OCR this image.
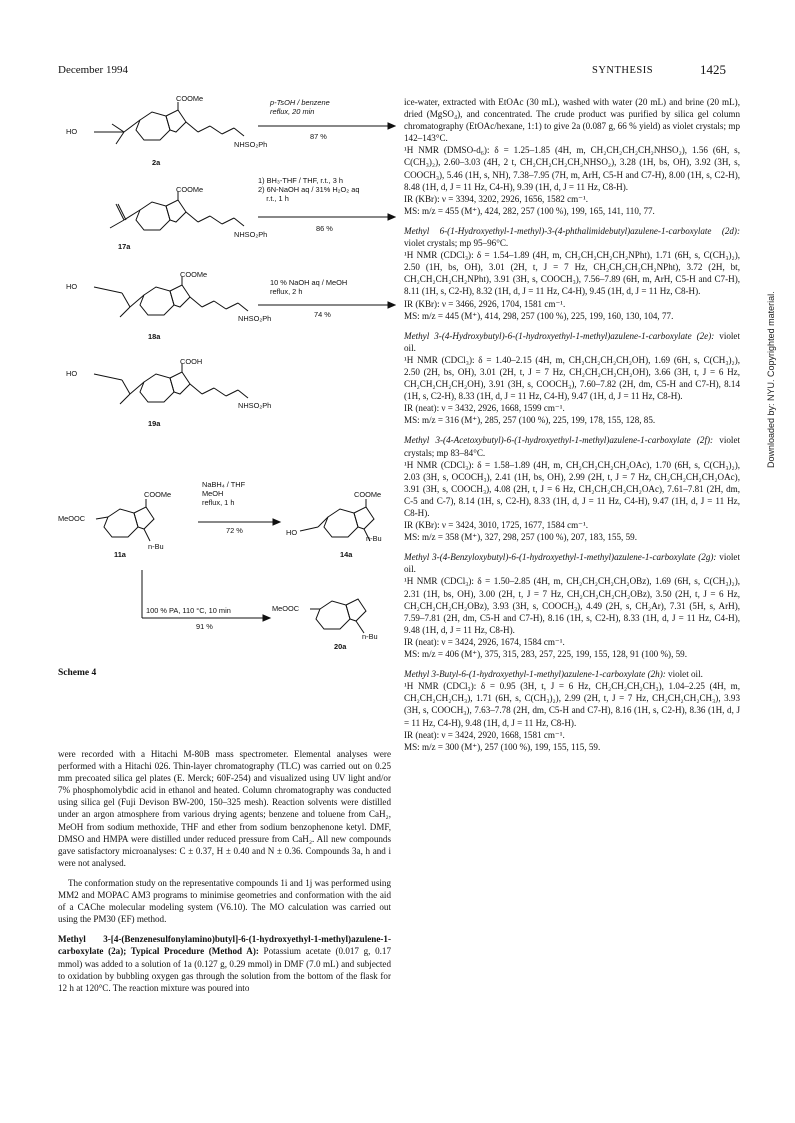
December 1994	SYNTHESIS	1425
Downloaded by: NYU. Copyrighted material.
COOMe
HO
NHSO₂Ph
2a
p-TsOH / benzene
reflux, 20 min
87 %
COOMe
NHSO₂Ph
17a
1) BH₃-THF / THF, r.t., 3 h
2) 6N-NaOH aq / 31% H₂O₂ aq
r.t., 1 h
86 %
COOMe
HO
NHSO₂Ph
18a
10 % NaOH aq / MeOH
reflux, 2 h
74 %
COOH
HO
NHSO₂Ph
19a
COOMe
MeOOC
n-Bu
11a
NaBH₄ / THF
MeOH
reflux, 1 h
72 %
COOMe
HO
n-Bu
14a
100 % PA, 110 °C, 10 min
91 %
MeOOC
n-Bu
20a
Scheme 4

were recorded with a Hitachi M-80B mass spectrometer. Elemental analyses were performed with a Hitachi 026. Thin-layer chromatography (TLC) was carried out on 0.25 mm precoated silica gel plates (E. Merck; 60F-254) and visualized using UV light and/or 7% phosphomolybdic acid in ethanol and heated. Column chromatography was conducted using silica gel (Fuji Devison BW-200, 150–325 mesh). Reaction solvents were distilled under an argon atmosphere from various drying agents; benzene and toluene from CaH₂, MeOH from sodium methoxide, THF and ether from sodium benzophenone ketyl. DMF, DMSO and HMPA were distilled under reduced pressure from CaH₂. All new compounds gave satisfactory microanalyses: C ± 0.37, H ± 0.40 and N ± 0.36. Compounds 3a, h and i were not analysed.

The conformation study on the representative compounds 1i and 1j was performed using MM2 and MOPAC AM3 programs to minimise geometries and conformation with the aid of a CAChe molecular modeling system (V6.10). The MO calculation was carried out using the PM30 (EF) method.

Methyl 3-[4-(Benzenesulfonylamino)butyl]-6-(1-hydroxyethyl-1-methyl)azulene-1-carboxylate (2a); Typical Procedure (Method A): Potassium acetate (0.017 g, 0.17 mmol) was added to a solution of 1a (0.127 g, 0.29 mmol) in DMF (7.0 mL) and subjected to oxidation by bubbling oxygen gas through the solution from the bottom of the flask for 12 h at 120°C. The reaction mixture was poured into

ice-water, extracted with EtOAc (30 mL), washed with water (20 mL) and brine (20 mL), dried (MgSO₄), and concentrated. The crude product was purified by silica gel column chromatography (EtOAc/hexane, 1:1) to give 2a (0.087 g, 66 % yield) as violet crystals; mp 142–143°C.

¹H NMR (DMSO-d₆): δ = 1.25–1.85 (4H, m, CH₂CH₂CH₂CH₂NHSO₂), 1.56 (6H, s, C(CH₃)₂), 2.60–3.03 (4H, 2 t, CH₂CH₂CH₂CH₂NHSO₂), 3.28 (1H, bs, OH), 3.92 (3H, s, COOCH₃), 5.46 (1H, s, NH), 7.38–7.95 (7H, m, ArH, C5-H and C7-H), 8.00 (1H, s, C2-H), 8.48 (1H, d, J = 11 Hz, C4-H), 9.39 (1H, d, J = 11 Hz, C8-H).

IR (KBr): ν = 3394, 3202, 2926, 1656, 1582 cm⁻¹.

MS: m/z = 455 (M⁺), 424, 282, 257 (100 %), 199, 165, 141, 110, 77.

Methyl 6-(1-Hydroxyethyl-1-methyl)-3-(4-phthalimidebutyl)azulene-1-carboxylate (2d): violet crystals; mp 95–96°C.

¹H NMR (CDCl₃): δ = 1.54–1.89 (4H, m, CH₂CH₂CH₂CH₂NPht), 1.71 (6H, s, C(CH₃)₂), 2.50 (1H, bs, OH), 3.01 (2H, t, J = 7 Hz, CH₂CH₂CH₂CH₂NPht), 3.72 (2H, bt, CH₂CH₂CH₂CH₂NPht), 3.91 (3H, s, COOCH₃), 7.56–7.89 (6H, m, ArH, C5-H and C7-H), 8.11 (1H, s, C2-H), 8.32 (1H, d, J = 11 Hz, C4-H), 9.45 (1H, d, J = 11 Hz, C8-H).

IR (KBr): ν = 3466, 2926, 1704, 1581 cm⁻¹.

MS: m/z = 445 (M⁺), 414, 298, 257 (100 %), 225, 199, 160, 130, 104, 77.

Methyl 3-(4-Hydroxybutyl)-6-(1-hydroxyethyl-1-methyl)azulene-1-carboxylate (2e): violet oil.

¹H NMR (CDCl₃): δ = 1.40–2.15 (4H, m, CH₂CH₂CH₂CH₂OH), 1.69 (6H, s, C(CH₃)₂), 2.50 (2H, bs, OH), 3.01 (2H, t, J = 7 Hz, CH₂CH₂CH₂CH₂OH), 3.66 (3H, t, J = 6 Hz, CH₂CH₂CH₂CH₂OH), 3.91 (3H, s, COOCH₃), 7.60–7.82 (2H, dm, C5-H and C7-H), 8.14 (1H, s, C2-H), 8.33 (1H, d, J = 11 Hz, C4-H), 9.47 (1H, d, J = 11 Hz, C8-H).

IR (neat): ν = 3432, 2926, 1668, 1599 cm⁻¹.

MS: m/z = 316 (M⁺), 285, 257 (100 %), 225, 199, 178, 155, 128, 85.

Methyl 3-(4-Acetoxybutyl)-6-(1-hydroxyethyl-1-methyl)azulene-1-carboxylate (2f): violet crystals; mp 83–84°C.

¹H NMR (CDCl₃): δ = 1.58–1.89 (4H, m, CH₂CH₂CH₂CH₂OAc), 1.70 (6H, s, C(CH₃)₂), 2.03 (3H, s, OCOCH₃), 2.41 (1H, bs, OH), 2.99 (2H, t, J = 7 Hz, CH₂CH₂CH₂CH₂OAc), 3.91 (3H, s, COOCH₃), 4.08 (2H, t, J = 6 Hz, CH₂CH₂CH₂CH₂OAc), 7.61–7.81 (2H, dm, C-5 and C-7), 8.14 (1H, s, C2-H), 8.33 (1H, d, J = 11 Hz, C4-H), 9.47 (1H, d, J = 11 Hz, C8-H).

IR (KBr): ν = 3424, 3010, 1725, 1677, 1584 cm⁻¹.

MS: m/z = 358 (M⁺), 327, 298, 257 (100 %), 207, 183, 155, 59.

Methyl 3-(4-Benzyloxybutyl)-6-(1-hydroxyethyl-1-methyl)azulene-1-carboxylate (2g): violet oil.

¹H NMR (CDCl₃): δ = 1.50–2.85 (4H, m, CH₂CH₂CH₂CH₂OBz), 1.69 (6H, s, C(CH₃)₂), 2.31 (1H, bs, OH), 3.00 (2H, t, J = 7 Hz, CH₂CH₂CH₂CH₂OBz), 3.50 (2H, t, J = 6 Hz, CH₂CH₂CH₂CH₂OBz), 3.93 (3H, s, COOCH₃), 4.49 (2H, s, CH₂Ar), 7.31 (5H, s, ArH), 7.59–7.81 (2H, dm, C5-H and C7-H), 8.16 (1H, s, C2-H), 8.33 (1H, d, J = 11 Hz, C4-H), 9.48 (1H, d, J = 11 Hz, C8-H).

IR (neat): ν = 3424, 2926, 1674, 1584 cm⁻¹.

MS: m/z = 406 (M⁺), 375, 315, 283, 257, 225, 199, 155, 128, 91 (100 %), 59.

Methyl 3-Butyl-6-(1-hydroxyethyl-1-methyl)azulene-1-carboxylate (2h): violet oil.

¹H NMR (CDCl₃): δ = 0.95 (3H, t, J = 6 Hz, CH₂CH₂CH₂CH₃), 1.04–2.25 (4H, m, CH₂CH₂CH₂CH₃), 1.71 (6H, s, C(CH₃)₂), 2.99 (2H, t, J = 7 Hz, CH₂CH₂CH₂CH₃), 3.93 (3H, s, COOCH₃), 7.63–7.78 (2H, dm, C5-H and C7-H), 8.16 (1H, s, C2-H), 8.36 (1H, d, J = 11 Hz, C4-H), 9.48 (1H, d, J = 11 Hz, C8-H).

IR (neat): ν = 3424, 2920, 1668, 1581 cm⁻¹.

MS: m/z = 300 (M⁺), 257 (100 %), 199, 155, 115, 59.
